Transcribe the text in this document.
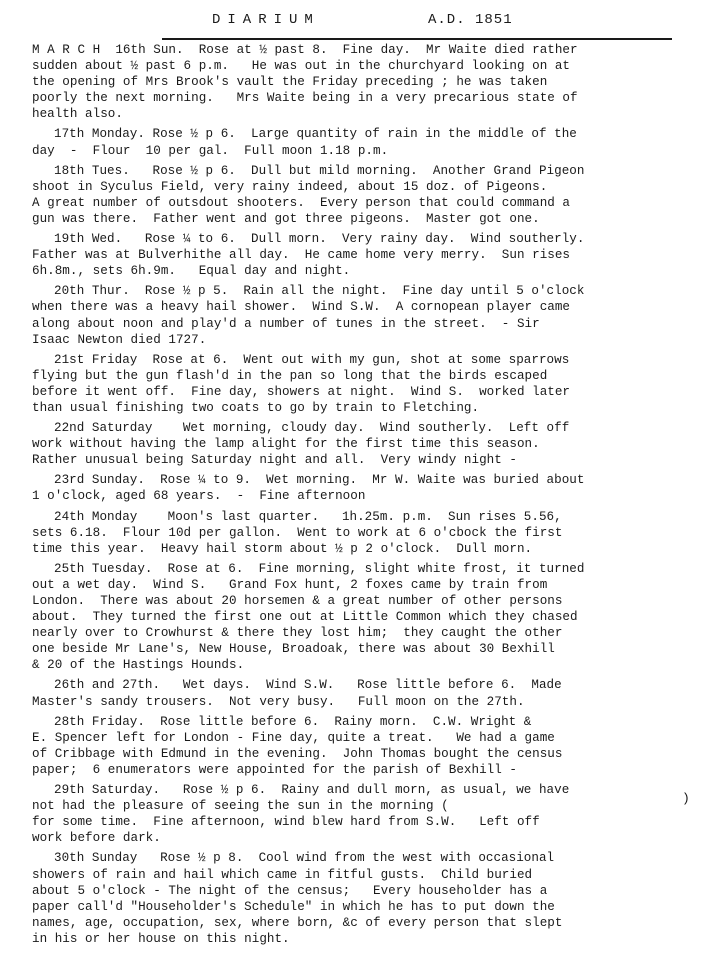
DIARIUM	A.D. 1851
M A R C H  16th Sun.  Rose at ½ past 8.  Fine day.  Mr Waite died rather
sudden about ½ past 6 p.m.   He was out in the churchyard looking on at
the opening of Mrs Brook's vault the Friday preceding ; he was taken
poorly the next morning.   Mrs Waite being in a very precarious state of
health also.
17th Monday. Rose ½ p 6.  Large quantity of rain in the middle of the
day  -  Flour  10 per gal.  Full moon 1.18 p.m.
18th Tues.   Rose ½ p 6.  Dull but mild morning.  Another Grand Pigeon
shoot in Syculus Field, very rainy indeed, about 15 doz. of Pigeons.
A great number of outsdout shooters.  Every person that could command a
gun was there.  Father went and got three pigeons.  Master got one.
19th Wed.   Rose ¼ to 6.  Dull morn.  Very rainy day.  Wind southerly.
Father was at Bulverhithe all day.  He came home very merry.  Sun rises
6h.8m., sets 6h.9m.   Equal day and night.
20th Thur.  Rose ½ p 5.  Rain all the night.  Fine day until 5 o'clock
when there was a heavy hail shower.  Wind S.W.  A cornopean player came
along about noon and play'd a number of tunes in the street.  - Sir
Isaac Newton died 1727.
21st Friday  Rose at 6.  Went out with my gun, shot at some sparrows
flying but the gun flash'd in the pan so long that the birds escaped
before it went off.  Fine day, showers at night.  Wind S.  worked later
than usual finishing two coats to go by train to Fletching.
22nd Saturday    Wet morning, cloudy day.  Wind southerly.  Left off
work without having the lamp alight for the first time this season.
Rather unusual being Saturday night and all.  Very windy night -
23rd Sunday.  Rose ¼ to 9.  Wet morning.  Mr W. Waite was buried about
1 o'clock, aged 68 years.  -  Fine afternoon
24th Monday    Moon's last quarter.   1h.25m. p.m.  Sun rises 5.56,
sets 6.18.  Flour 10d per gallon.  Went to work at 6 o'cbock the first
time this year.  Heavy hail storm about ½ p 2 o'clock.  Dull morn.
25th Tuesday.  Rose at 6.  Fine morning, slight white frost, it turned
out a wet day.  Wind S.   Grand Fox hunt, 2 foxes came by train from
London.  There was about 20 horsemen & a great number of other persons
about.  They turned the first one out at Little Common which they chased
nearly over to Crowhurst & there they lost him;  they caught the other
one beside Mr Lane's, New House, Broadoak, there was about 30 Bexhill
& 20 of the Hastings Hounds.
26th and 27th.   Wet days.  Wind S.W.   Rose little before 6.  Made
Master's sandy trousers.  Not very busy.   Full moon on the 27th.
28th Friday.  Rose little before 6.  Rainy morn.  C.W. Wright &
E. Spencer left for London - Fine day, quite a treat.   We had a game
of Cribbage with Edmund in the evening.  John Thomas bought the census
paper;  6 enumerators were appointed for the parish of Bexhill -
29th Saturday.   Rose ½ p 6.  Rainy and dull morn, as usual, we have
not had the pleasure of seeing the sun in the morning (
for some time.  Fine afternoon, wind blew hard from S.W.   Left off
work before dark.
30th Sunday   Rose ½ p 8.  Cool wind from the west with occasional
showers of rain and hail which came in fitful gusts.  Child buried
about 5 o'clock - The night of the census;   Every householder has a
paper call'd "Householder's Schedule" in which he has to put down the
names, age, occupation, sex, where born, &c of every person that slept
in his or her house on this night.
)
